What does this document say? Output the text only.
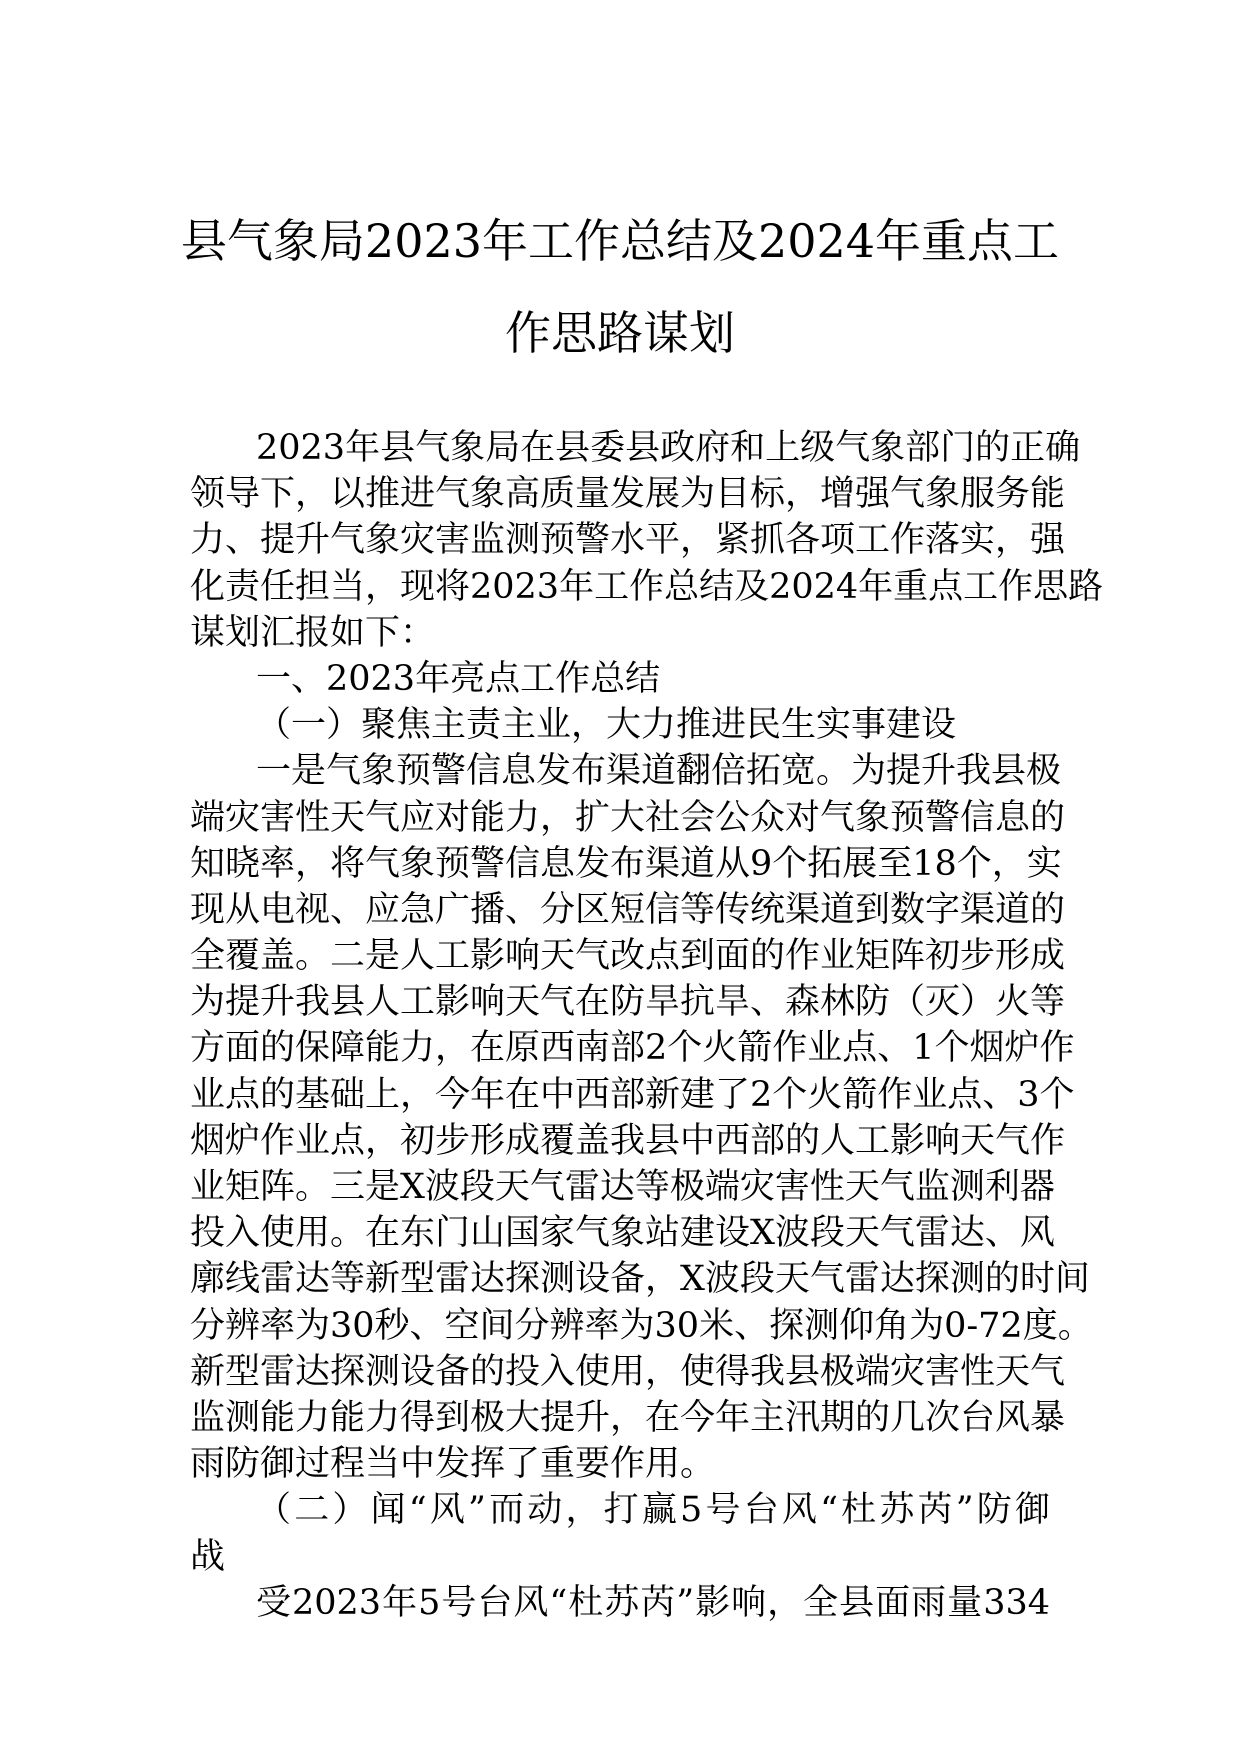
县气象局2023年工作总结及2024年重点工
作思路谋划
2023年县气象局在县委县政府和上级气象部门的正确
领导下，以推进气象高质量发展为目标，增强气象服务能
力、提升气象灾害监测预警水平，紧抓各项工作落实，强
化责任担当，现将2023年工作总结及2024年重点工作思路
谋划汇报如下：
一、2023年亮点工作总结
（一）聚焦主责主业，大力推进民生实事建设
一是气象预警信息发布渠道翻倍拓宽。为提升我县极
端灾害性天气应对能力，扩大社会公众对气象预警信息的
知晓率，将气象预警信息发布渠道从9个拓展至18个，实
现从电视、应急广播、分区短信等传统渠道到数字渠道的
全覆盖。二是人工影响天气改点到面的作业矩阵初步形成
为提升我县人工影响天气在防旱抗旱、森林防（灭）火等
方面的保障能力，在原西南部2个火箭作业点、1个烟炉作
业点的基础上，今年在中西部新建了2个火箭作业点、3个
烟炉作业点，初步形成覆盖我县中西部的人工影响天气作
业矩阵。三是X波段天气雷达等极端灾害性天气监测利器
投入使用。在东门山国家气象站建设X波段天气雷达、风
廓线雷达等新型雷达探测设备，X波段天气雷达探测的时间
分辨率为30秒、空间分辨率为30米、探测仰角为0-72度。
新型雷达探测设备的投入使用，使得我县极端灾害性天气
监测能力能力得到极大提升，在今年主汛期的几次台风暴
雨防御过程当中发挥了重要作用。
（二）闻“风”而动，打赢5号台风“杜苏芮”防御
战
受2023年5号台风“杜苏芮”影响，全县面雨量334
